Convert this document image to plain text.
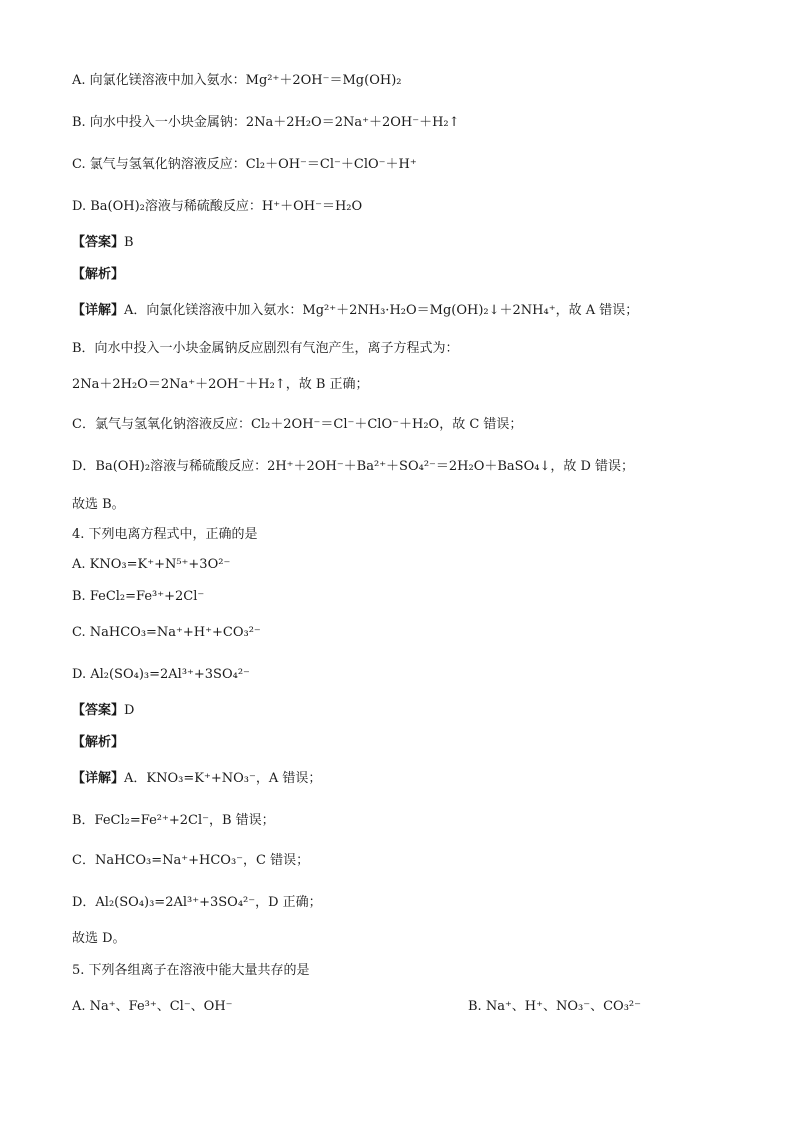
A. 向氯化镁溶液中加入氨水：Mg²⁺＋2OH⁻＝Mg(OH)₂
B. 向水中投入一小块金属钠：2Na＋2H₂O＝2Na⁺＋2OH⁻＋H₂↑
C. 氯气与氢氧化钠溶液反应：Cl₂＋OH⁻＝Cl⁻＋ClO⁻＋H⁺
D. Ba(OH)₂溶液与稀硫酸反应：H⁺＋OH⁻＝H₂O
【答案】B
【解析】
【详解】A．向氯化镁溶液中加入氨水：Mg²⁺＋2NH₃·H₂O＝Mg(OH)₂↓＋2NH₄⁺，故 A 错误；
B．向水中投入一小块金属钠反应剧烈有气泡产生，离子方程式为：
2Na＋2H₂O＝2Na⁺＋2OH⁻＋H₂↑，故 B 正确；
C．氯气与氢氧化钠溶液反应：Cl₂＋2OH⁻＝Cl⁻＋ClO⁻＋H₂O，故 C 错误；
D．Ba(OH)₂溶液与稀硫酸反应：2H⁺＋2OH⁻＋Ba²⁺＋SO₄²⁻＝2H₂O＋BaSO₄↓，故 D 错误；
故选 B。
4. 下列电离方程式中，正确的是
A. KNO₃=K⁺+N⁵⁺+3O²⁻
B. FeCl₂=Fe³⁺+2Cl⁻
C. NaHCO₃=Na⁺+H⁺+CO₃²⁻
D. Al₂(SO₄)₃=2Al³⁺+3SO₄²⁻
【答案】D
【解析】
【详解】A．KNO₃=K⁺+NO₃⁻，A 错误；
B．FeCl₂=Fe²⁺+2Cl⁻，B 错误；
C．NaHCO₃=Na⁺+HCO₃⁻，C 错误；
D．Al₂(SO₄)₃=2Al³⁺+3SO₄²⁻，D 正确；
故选 D。
5. 下列各组离子在溶液中能大量共存的是
A. Na⁺、Fe³⁺、Cl⁻、OH⁻	B. Na⁺、H⁺、NO₃⁻、CO₃²⁻
